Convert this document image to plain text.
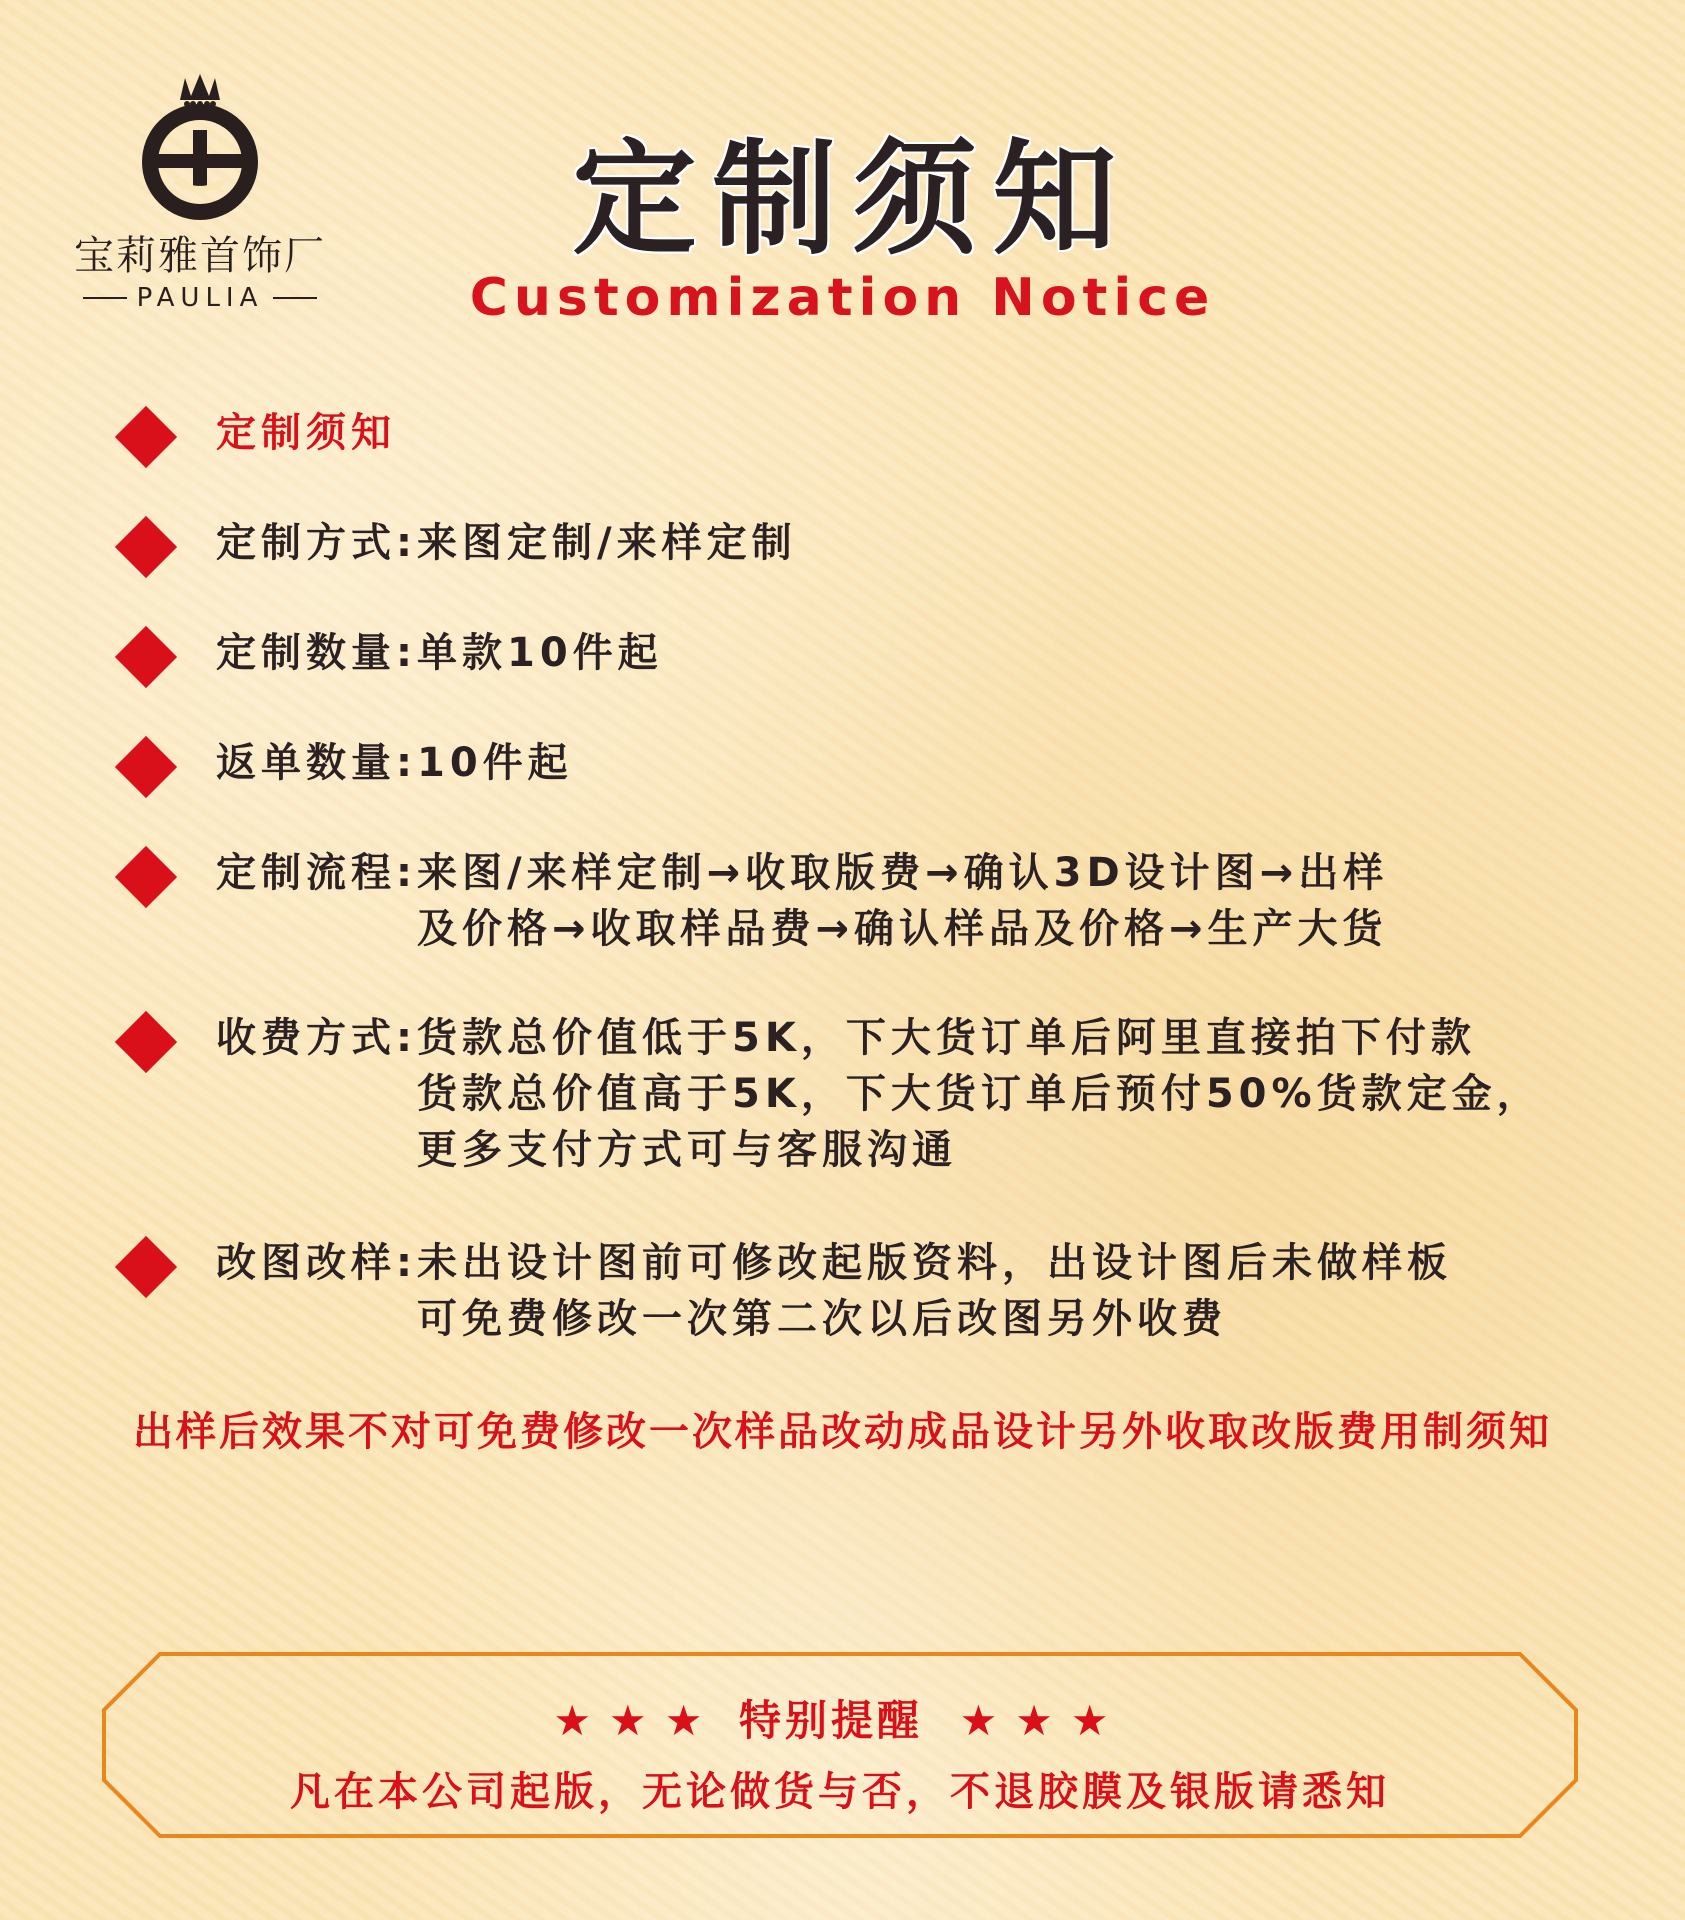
宝莉雅首饰厂
PAULIA
定制须知
Customization Notice
定制须知
定制方式: 来图定制/来样定制
定制数量: 单款10件起
返单数量: 10件起
定制流程: 来图/来样定制→收取版费→确认3D设计图→出样
及价格→收取样品费→确认样品及价格→生产大货
收费方式: 货款总价值低于5K，下大货订单后阿里直接拍下付款
货款总价值高于5K，下大货订单后预付50%货款定金，
更多支付方式可与客服沟通
改图改样: 未出设计图前可修改起版资料，出设计图后未做样板
可免费修改一次第二次以后改图另外收费
出样后效果不对可免费修改一次样品改动成品设计另外收取改版费用制须知
★★★ 特别提醒 ★★★
凡在本公司起版，无论做货与否，不退胶膜及银版请悉知
